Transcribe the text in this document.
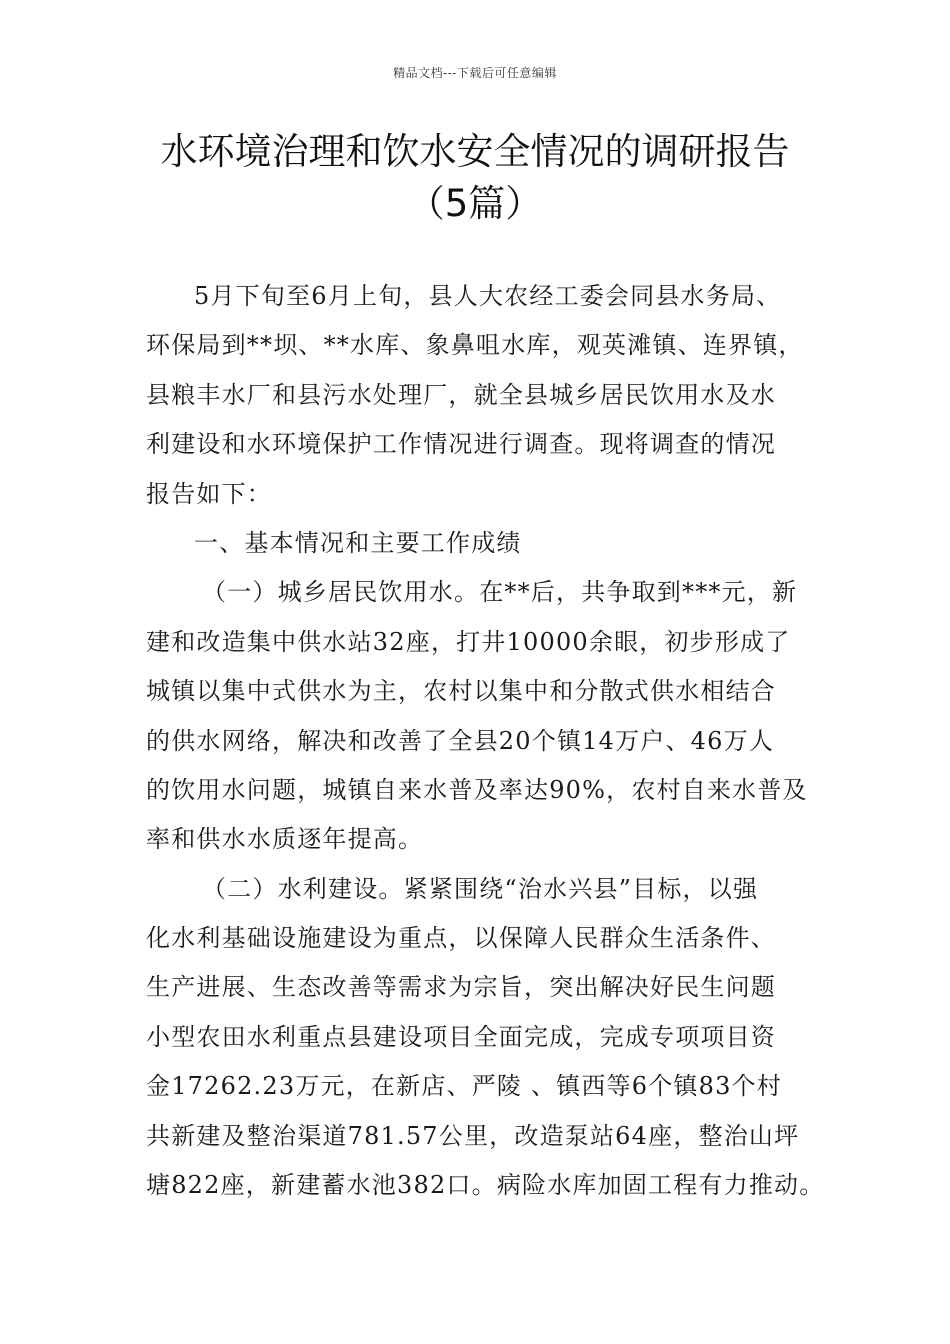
精品文档---下载后可任意编辑
水环境治理和饮水安全情况的调研报告
（5篇）
5月下旬至6月上旬，县人大农经工委会同县水务局、
环保局到**坝、**水库、象鼻咀水库，观英滩镇、连界镇，
县粮丰水厂和县污水处理厂，就全县城乡居民饮用水及水
利建设和水环境保护工作情况进行调查。现将调查的情况
报告如下：
一、基本情况和主要工作成绩
（一）城乡居民饮用水。在**后，共争取到***元，新
建和改造集中供水站32座，打井10000余眼，初步形成了
城镇以集中式供水为主，农村以集中和分散式供水相结合
的供水网络，解决和改善了全县20个镇14万户、46万人
的饮用水问题，城镇自来水普及率达90%，农村自来水普及
率和供水水质逐年提高。
（二）水利建设。紧紧围绕“治水兴县”目标，以强
化水利基础设施建设为重点，以保障人民群众生活条件、
生产进展、生态改善等需求为宗旨，突出解决好民生问题
小型农田水利重点县建设项目全面完成，完成专项项目资
金17262.23万元，在新店、严陵 、镇西等6个镇83个村
共新建及整治渠道781.57公里，改造泵站64座，整治山坪
塘822座，新建蓄水池382口。病险水库加固工程有力推动。
